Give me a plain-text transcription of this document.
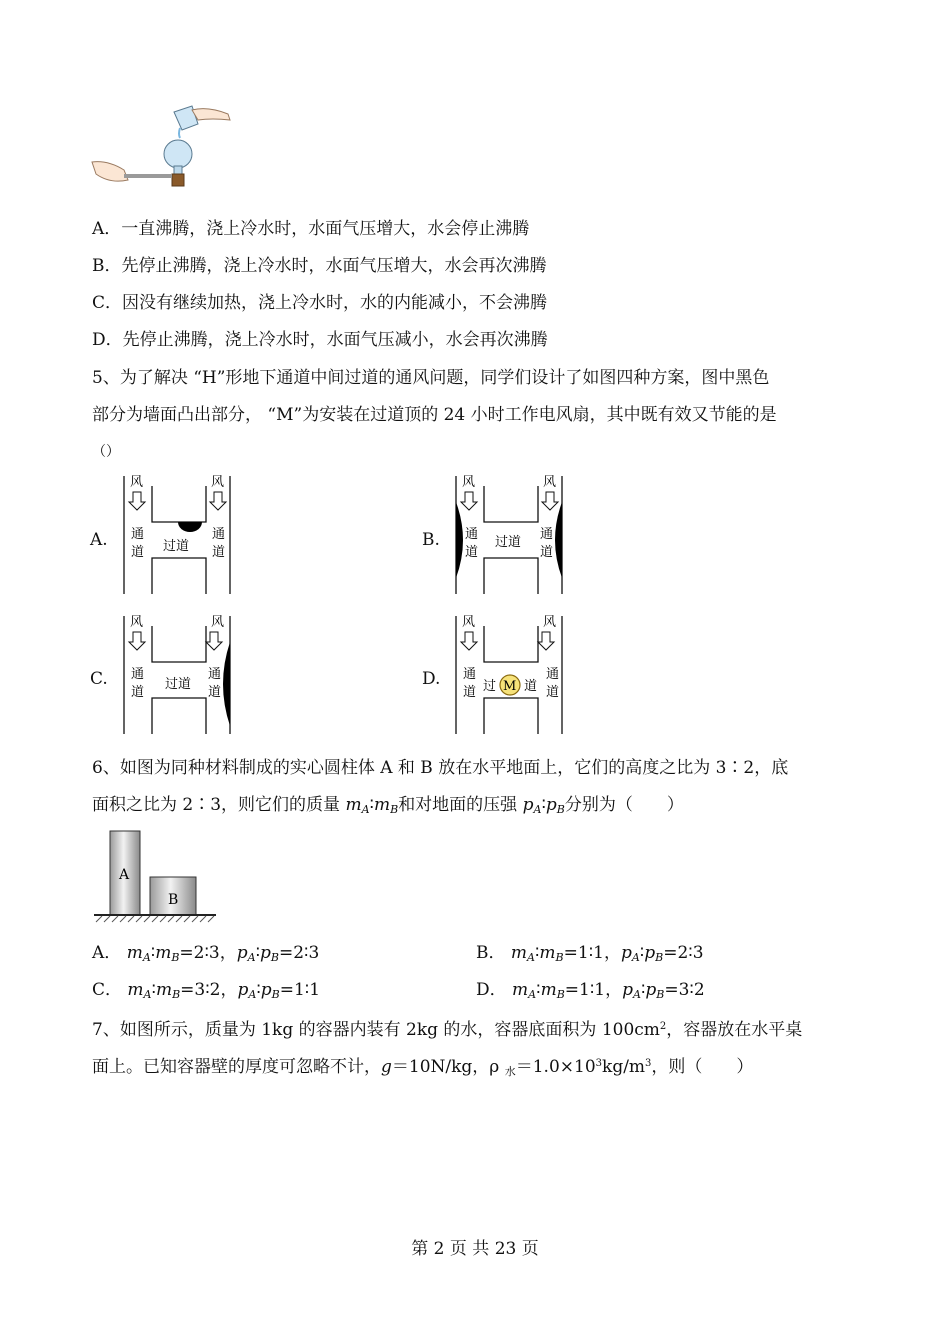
A．一直沸腾，浇上冷水时，水面气压增大，水会停止沸腾
B．先停止沸腾，浇上冷水时，水面气压增大，水会再次沸腾
C．因没有继续加热，浇上冷水时，水的内能减小，不会沸腾
D．先停止沸腾，浇上冷水时，水面气压减小，水会再次沸腾
5、为了解决 “H”形地下通道中间过道的通风问题，同学们设计了如图四种方案，图中黑色
部分为墙面凸出部分， “M”为安装在过道顶的 24 小时工作电风扇，其中既有效又节能的是
（）
A.	B.
C.	D.
风	风
通
道
通
道
过道
风	风
通
道
通
道
过道
风	风
通
道
通
道
过道
风	风
通
道
通
道
过 M 道
6、如图为同种材料制成的实心圆柱体 A 和 B 放在水平地面上，它们的高度之比为 3∶2，底
面积之比为 2∶3，则它们的质量 $m_A∶m_B$和对地面的压强 $p_A∶p_B$分别为（　　）
A
B
A． $m_A∶m_B=2∶3$，$p_A∶p_B=2∶3$	B． $m_A∶m_B=1∶1$，$p_A∶p_B=2∶3$
C． $m_A∶m_B=3∶2$，$p_A∶p_B=1∶1$	D． $m_A∶m_B=1∶1$，$p_A∶p_B=3∶2$
7、如图所示，质量为 1kg 的容器内装有 2kg 的水，容器底面积为 $100cm^2$，容器放在水平桌
面上。已知容器壁的厚度可忽略不计，g＝10N/kg，ρ $_水=1.0\times 10^3kg/m^3$，则（　　）
第 2 页 共 23 页
